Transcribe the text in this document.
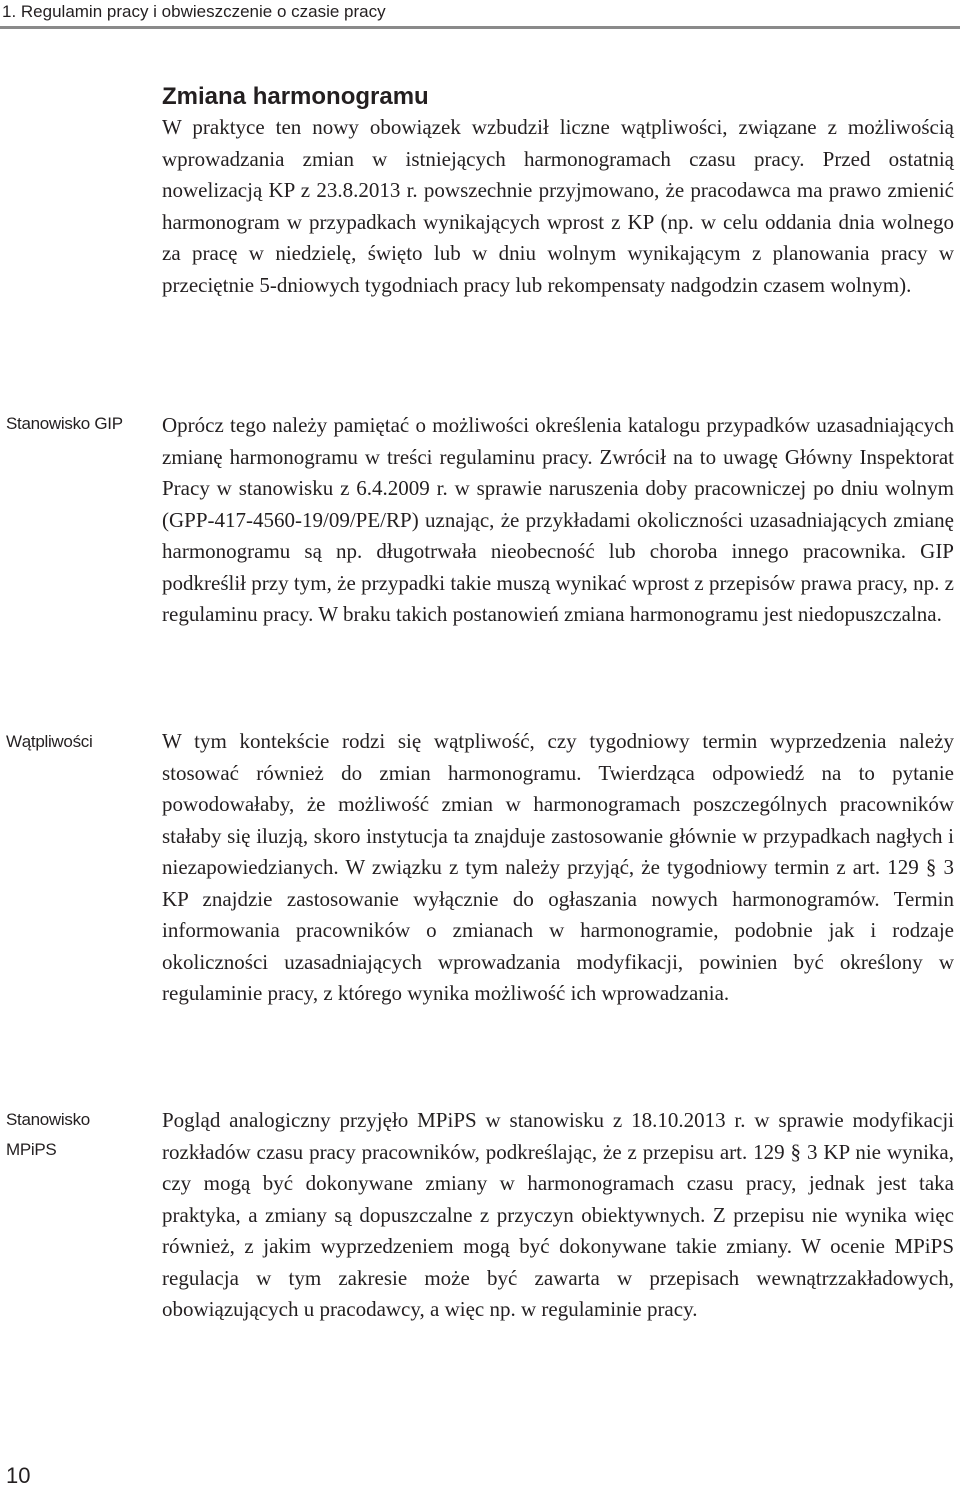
1. Regulamin pracy i obwieszczenie o czasie pracy
Zmiana harmonogramu

W praktyce ten nowy obowiązek wzbudził liczne wątpliwości, związane z możliwością wprowadzania zmian w istniejących harmonogramach czasu pracy. Przed ostatnią nowelizacją KP z 23.8.2013 r. powszechnie przyjmowano, że pracodawca ma prawo zmienić harmonogram w przypadkach wynikających wprost z KP (np. w celu oddania dnia wolnego za pracę w niedzielę, święto lub w dniu wolnym wynikającym z planowania pracy w przeciętnie 5-dniowych tygodniach pracy lub rekompensaty nadgodzin czasem wolnym).

Stanowisko GIP	Oprócz tego należy pamiętać o możliwości określenia katalogu przypadków uzasadniających zmianę harmonogramu w treści regulaminu pracy. Zwrócił na to uwagę Główny Inspektorat Pracy w stanowisku z 6.4.2009 r. w sprawie naruszenia doby pracowniczej po dniu wolnym (GPP-417-4560-19/09/PE/RP) uznając, że przykładami okoliczności uzasadniających zmianę harmonogramu są np. długotrwała nieobecność lub choroba innego pracownika. GIP podkreślił przy tym, że przypadki takie muszą wynikać wprost z przepisów prawa pracy, np. z regulaminu pracy. W braku takich postanowień zmiana harmonogramu jest niedopuszczalna.

Wątpliwości	W tym kontekście rodzi się wątpliwość, czy tygodniowy termin wyprzedzenia należy stosować również do zmian harmonogramu. Twierdząca odpowiedź na to pytanie powodowałaby, że możliwość zmian w harmonogramach poszczególnych pracowników stałaby się iluzją, skoro instytucja ta znajduje zastosowanie głównie w przypadkach nagłych i niezapowiedzianych. W związku z tym należy przyjąć, że tygodniowy termin z art. 129 § 3 KP znajdzie zastosowanie wyłącznie do ogłaszania nowych harmonogramów. Termin informowania pracowników o zmianach w harmonogramie, podobnie jak i rodzaje okoliczności uzasadniających wprowadzania modyfikacji, powinien być określony w regulaminie pracy, z którego wynika możliwość ich wprowadzania.

Stanowisko
MPiPS

Pogląd analogiczny przyjęło MPiPS w stanowisku z 18.10.2013 r. w sprawie modyfikacji rozkładów czasu pracy pracowników, podkreślając, że z przepisu art. 129 § 3 KP nie wynika, czy mogą być dokonywane zmiany w harmonogramach czasu pracy, jednak jest taka praktyka, a zmiany są dopuszczalne z przyczyn obiektywnych. Z przepisu nie wynika więc również, z jakim wyprzedzeniem mogą być dokonywane takie zmiany. W ocenie MPiPS regulacja w tym zakresie może być zawarta w przepisach wewnątrzzakładowych, obowiązujących u pracodawcy, a więc np. w regulaminie pracy.

10
